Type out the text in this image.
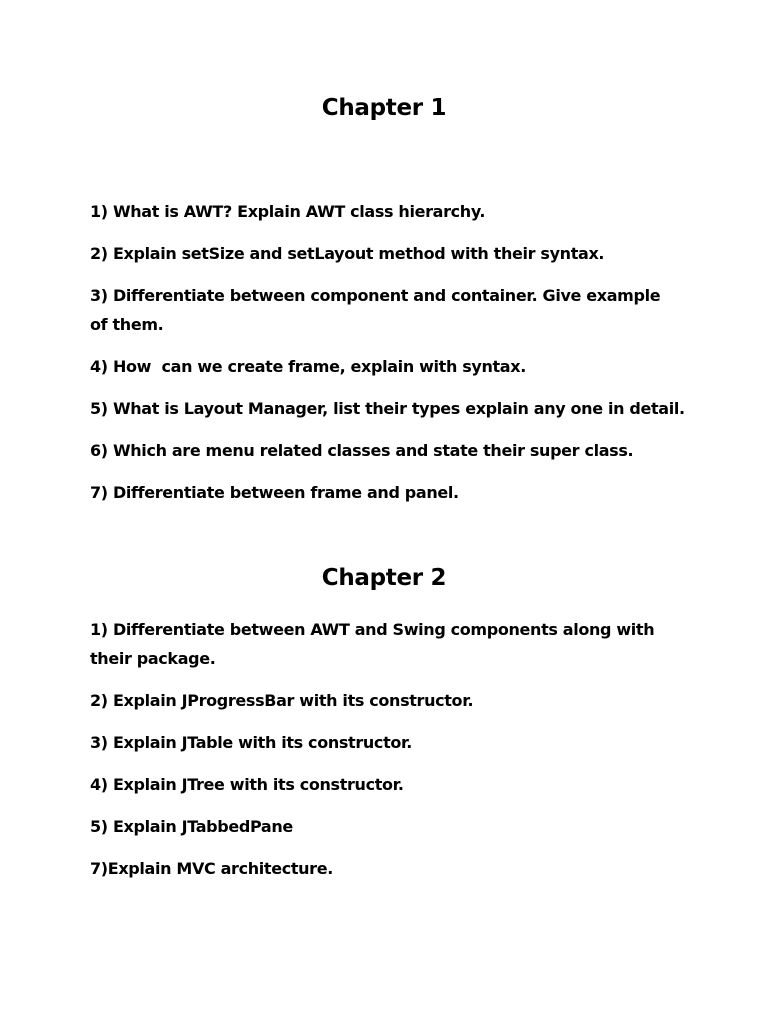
Chapter 1
1) What is AWT? Explain AWT class hierarchy.
2) Explain setSize and setLayout method with their syntax.
3) Differentiate between component and container. Give example of them.
4) How  can we create frame, explain with syntax.
5) What is Layout Manager, list their types explain any one in detail.
6) Which are menu related classes and state their super class.
7) Differentiate between frame and panel.
Chapter 2
1) Differentiate between AWT and Swing components along with their package.
2) Explain JProgressBar with its constructor.
3) Explain JTable with its constructor.
4) Explain JTree with its constructor.
5) Explain JTabbedPane
7)Explain MVC architecture.
